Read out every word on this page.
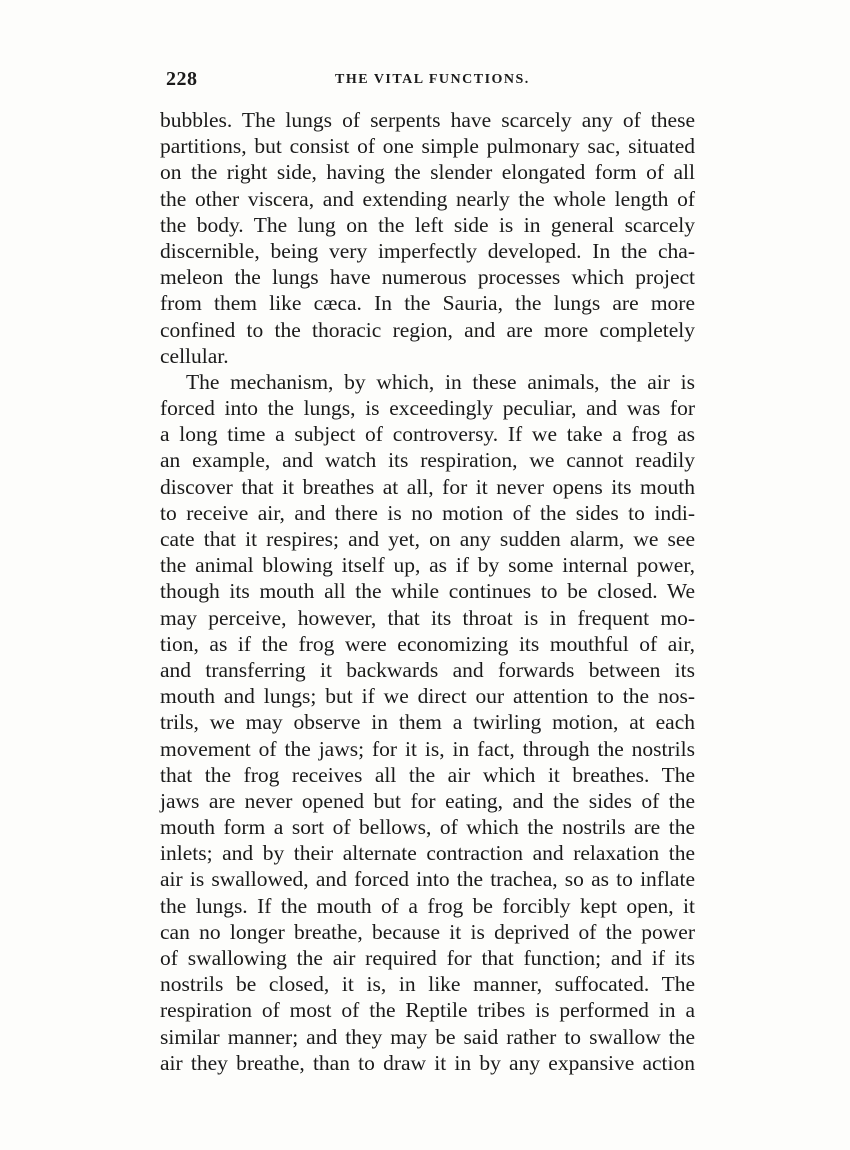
228	THE VITAL FUNCTIONS.
bubbles. The lungs of serpents have scarcely any of these
partitions, but consist of one simple pulmonary sac, situated
on the right side, having the slender elongated form of all
the other viscera, and extending nearly the whole length of
the body. The lung on the left side is in general scarcely
discernible, being very imperfectly developed. In the cha-
meleon the lungs have numerous processes which project
from them like cæca. In the Sauria, the lungs are more
confined to the thoracic region, and are more completely
cellular.
The mechanism, by which, in these animals, the air is
forced into the lungs, is exceedingly peculiar, and was for
a long time a subject of controversy. If we take a frog as
an example, and watch its respiration, we cannot readily
discover that it breathes at all, for it never opens its mouth
to receive air, and there is no motion of the sides to indi-
cate that it respires; and yet, on any sudden alarm, we see
the animal blowing itself up, as if by some internal power,
though its mouth all the while continues to be closed. We
may perceive, however, that its throat is in frequent mo-
tion, as if the frog were economizing its mouthful of air,
and transferring it backwards and forwards between its
mouth and lungs; but if we direct our attention to the nos-
trils, we may observe in them a twirling motion, at each
movement of the jaws; for it is, in fact, through the nostrils
that the frog receives all the air which it breathes. The
jaws are never opened but for eating, and the sides of the
mouth form a sort of bellows, of which the nostrils are the
inlets; and by their alternate contraction and relaxation the
air is swallowed, and forced into the trachea, so as to inflate
the lungs. If the mouth of a frog be forcibly kept open, it
can no longer breathe, because it is deprived of the power
of swallowing the air required for that function; and if its
nostrils be closed, it is, in like manner, suffocated. The
respiration of most of the Reptile tribes is performed in a
similar manner; and they may be said rather to swallow the
air they breathe, than to draw it in by any expansive action
